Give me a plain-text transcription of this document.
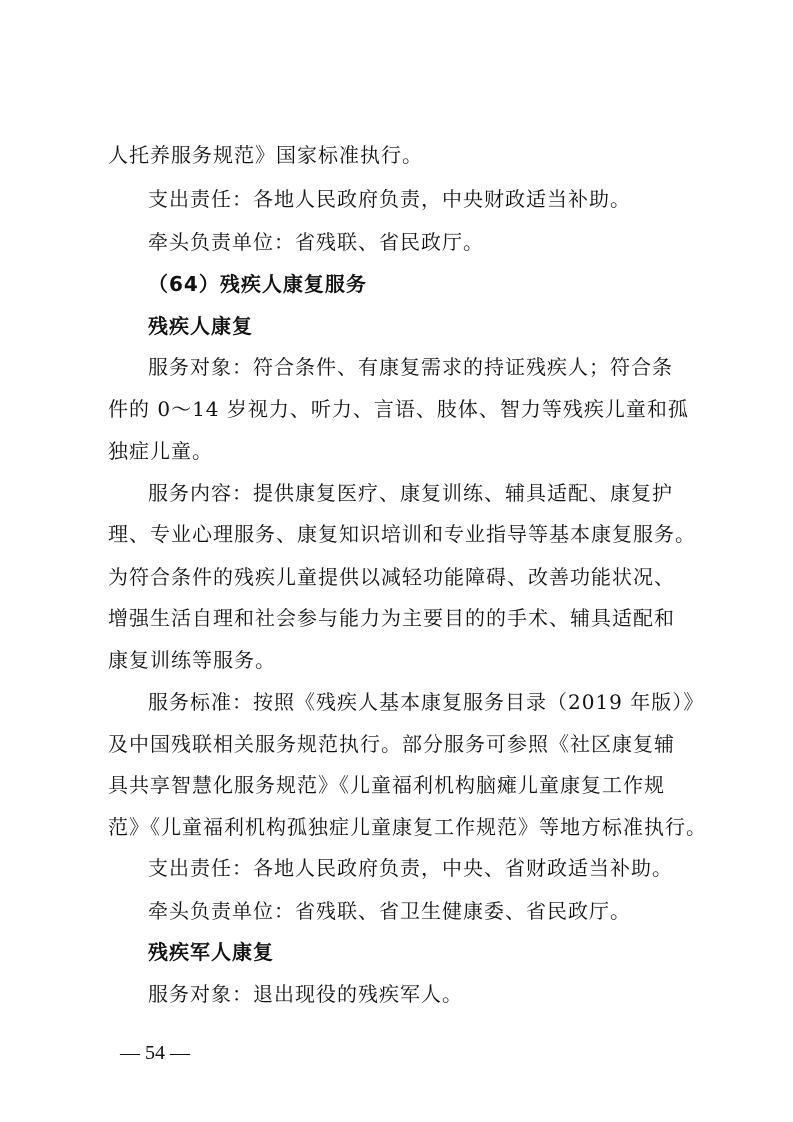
人托养服务规范》国家标准执行。
支出责任：各地人民政府负责，中央财政适当补助。
牵头负责单位：省残联、省民政厅。
（64）残疾人康复服务
残疾人康复
服务对象：符合条件、有康复需求的持证残疾人；符合条
件的 0～14 岁视力、听力、言语、肢体、智力等残疾儿童和孤
独症儿童。
服务内容：提供康复医疗、康复训练、辅具适配、康复护
理、专业心理服务、康复知识培训和专业指导等基本康复服务。
为符合条件的残疾儿童提供以减轻功能障碍、改善功能状况、
增强生活自理和社会参与能力为主要目的的手术、辅具适配和
康复训练等服务。
服务标准：按照《残疾人基本康复服务目录（2019 年版）》
及中国残联相关服务规范执行。部分服务可参照《社区康复辅
具共享智慧化服务规范》《儿童福利机构脑瘫儿童康复工作规
范》《儿童福利机构孤独症儿童康复工作规范》等地方标准执行。
支出责任：各地人民政府负责，中央、省财政适当补助。
牵头负责单位：省残联、省卫生健康委、省民政厅。
残疾军人康复
服务对象：退出现役的残疾军人。
— 54 —
